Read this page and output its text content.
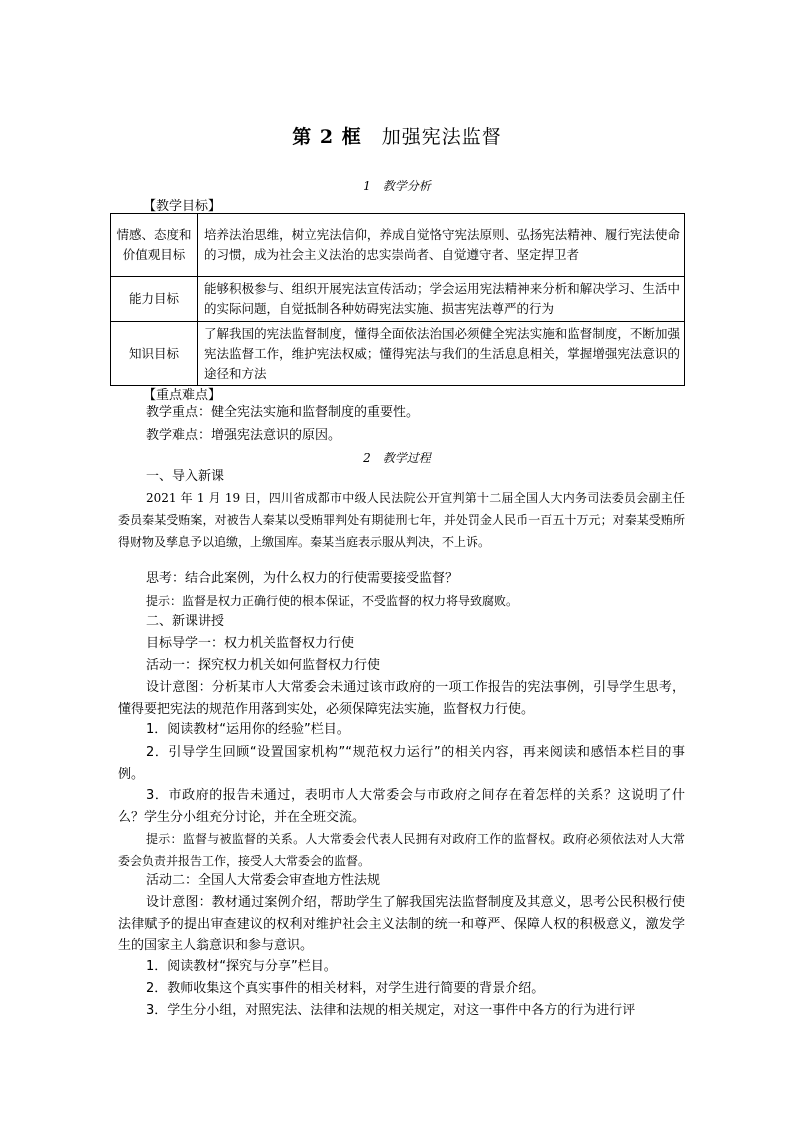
第 2 框　 加强宪法监督
1　教学分析
【教学目标】
情感、态度和价值观目标	培养法治思维，树立宪法信仰，养成自觉恪守宪法原则、弘扬宪法精神、履行宪法使命的习惯，成为社会主义法治的忠实崇尚者、自觉遵守者、坚定捍卫者
能力目标	能够积极参与、组织开展宪法宣传活动；学会运用宪法精神来分析和解决学习、生活中的实际问题，自觉抵制各种妨碍宪法实施、损害宪法尊严的行为
知识目标	了解我国的宪法监督制度，懂得全面依法治国必须健全宪法实施和监督制度，不断加强宪法监督工作，维护宪法权威；懂得宪法与我们的生活息息相关，掌握增强宪法意识的途径和方法
【重点难点】
教学重点：健全宪法实施和监督制度的重要性。
教学难点：增强宪法意识的原因。
2　教学过程
一、导入新课

2021 年 1 月 19 日，四川省成都市中级人民法院公开宣判第十二届全国人大内务司法委员会副主任委员秦某受贿案，对被告人秦某以受贿罪判处有期徒刑七年，并处罚金人民币一百五十万元；对秦某受贿所得财物及孳息予以追缴，上缴国库。秦某当庭表示服从判决，不上诉。

思考：结合此案例，为什么权力的行使需要接受监督？
提示：监督是权力正确行使的根本保证，不受监督的权力将导致腐败。
二、新课讲授
目标导学一：权力机关监督权力行使
活动一：探究权力机关如何监督权力行使

设计意图：分析某市人大常委会未通过该市政府的一项工作报告的宪法事例，引导学生思考，懂得要把宪法的规范作用落到实处，必须保障宪法实施，监督权力行使。

1．阅读教材“运用你的经验”栏目。

2．引导学生回顾“设置国家机构”“规范权力运行”的相关内容，再来阅读和感悟本栏目的事例。

3．市政府的报告未通过，表明市人大常委会与市政府之间存在着怎样的关系？这说明了什么？学生分小组充分讨论，并在全班交流。

提示：监督与被监督的关系。人大常委会代表人民拥有对政府工作的监督权。政府必须依法对人大常委会负责并报告工作，接受人大常委会的监督。

活动二：全国人大常委会审查地方性法规

设计意图：教材通过案例介绍，帮助学生了解我国宪法监督制度及其意义，思考公民积极行使法律赋予的提出审查建议的权利对维护社会主义法制的统一和尊严、保障人权的积极意义，激发学生的国家主人翁意识和参与意识。

1．阅读教材“探究与分享”栏目。
2．教师收集这个真实事件的相关材料，对学生进行简要的背景介绍。
3．学生分小组，对照宪法、法律和法规的相关规定，对这一事件中各方的行为进行评
